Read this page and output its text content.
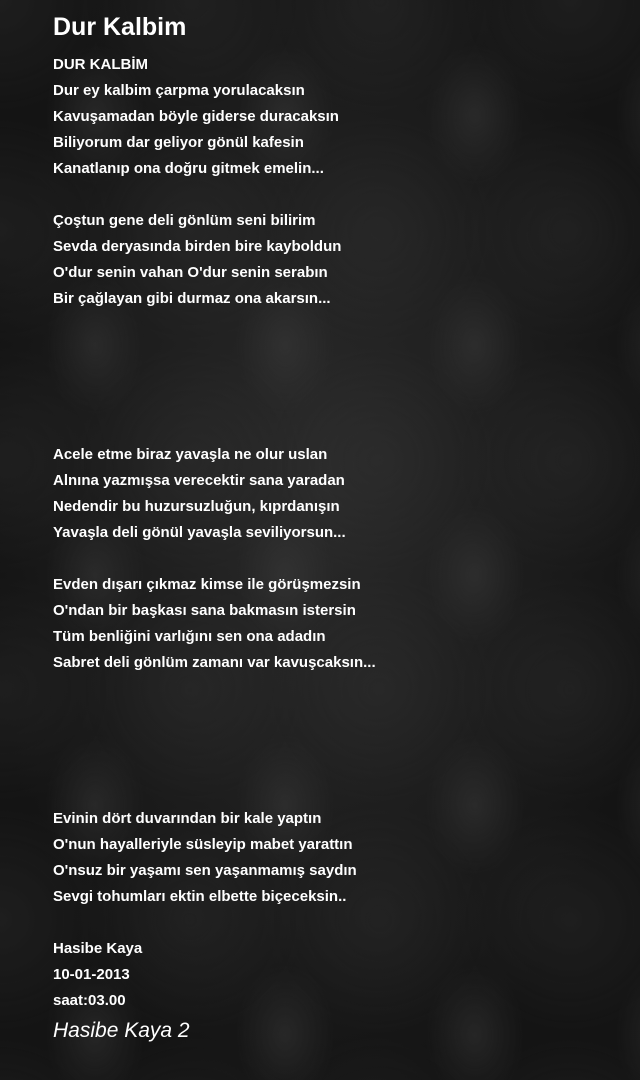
Dur Kalbim
DUR KALBİM
Dur ey kalbim çarpma yorulacaksın
Kavuşamadan böyle giderse duracaksın
Biliyorum dar geliyor gönül kafesin
Kanatlanıp ona doğru gitmek emelin...
Çoştun gene deli gönlüm seni bilirim
Sevda deryasında birden bire kayboldun
O'dur senin vahan O'dur senin serabın
Bir çağlayan gibi durmaz ona akarsın...
Acele etme biraz yavaşla ne olur uslan
Alnına yazmışsa verecektir sana yaradan
Nedendir bu huzursuzluğun, kıprdanışın
Yavaşla deli gönül yavaşla seviliyorsun...
Evden dışarı çıkmaz kimse ile görüşmezsin
O'ndan bir başkası sana bakmasın istersin
Tüm benliğini varlığını sen ona adadın
Sabret deli gönlüm zamanı var kavuşcaksın...
Evinin dört duvarından bir kale yaptın
O'nun hayalleriyle süsleyip mabet yarattın
O'nsuz bir yaşamı sen yaşanmamış saydın
Sevgi tohumları ektin elbette biçeceksin..
Hasibe Kaya
10-01-2013
saat:03.00
Hasibe Kaya 2
